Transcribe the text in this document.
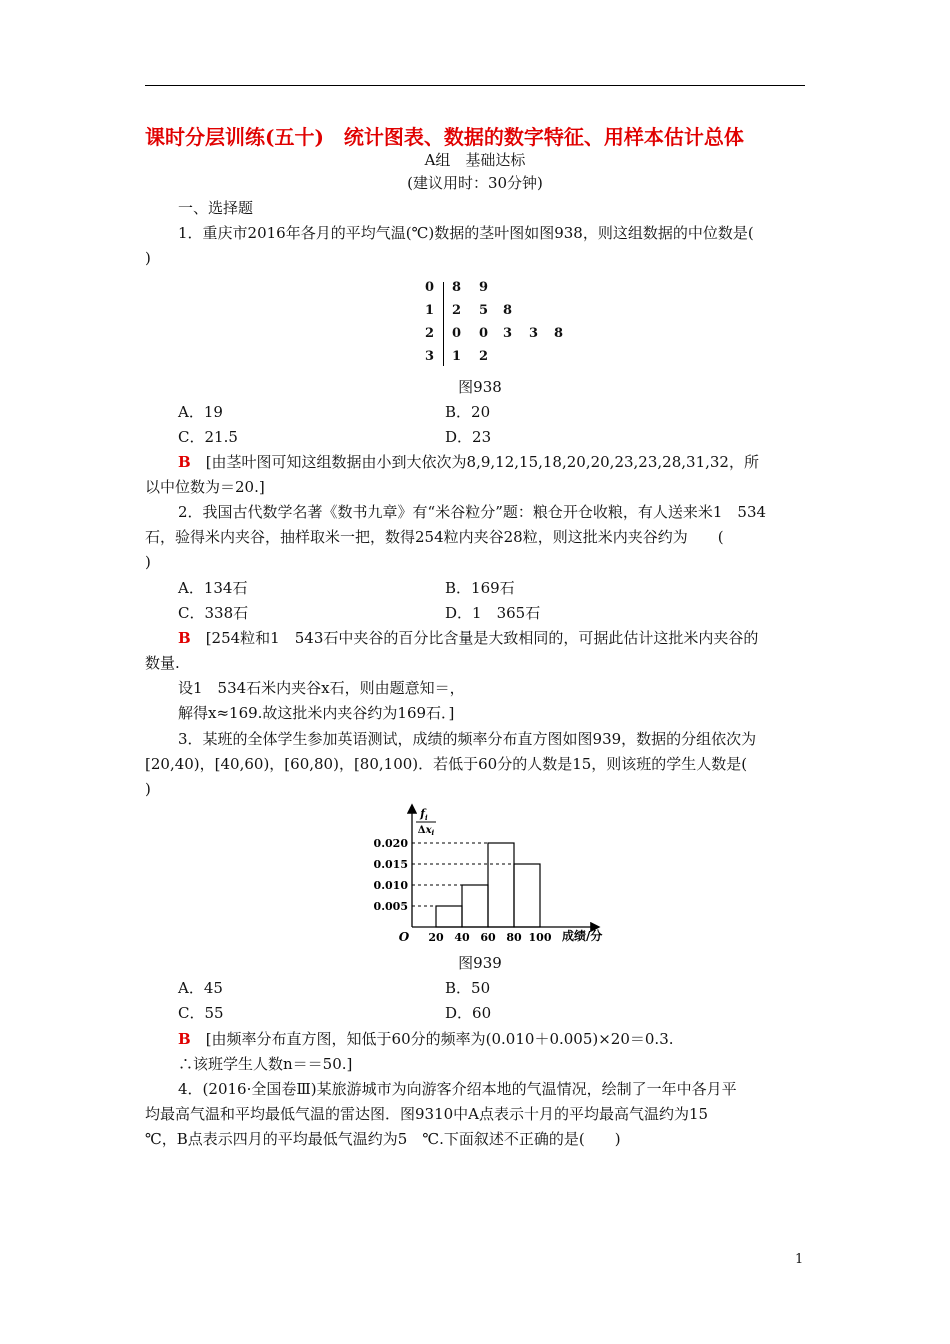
课时分层训练(五十)　统计图表、数据的数字特征、用样本估计总体
A组　基础达标
(建议用时：30分钟)
一、选择题
1．重庆市2016年各月的平均气温(℃)数据的茎叶图如图938，则这组数据的中位数是(
)
0 8 9
1 2 5 8
2 0 0 3 3 8
3 1 2
图938
A．19	B．20
C．21.5	D．23
B　 [由茎叶图可知这组数据由小到大依次为8,9,12,15,18,20,20,23,23,28,31,32，所
以中位数为＝20.]
2．我国古代数学名著《数书九章》有“米谷粒分”题：粮仓开仓收粮，有人送来米1　534
石，验得米内夹谷，抽样取米一把，数得254粒内夹谷28粒，则这批米内夹谷约为　　(
)
A．134石	B．169石
C．338石	D．1　365石
B　 [254粒和1　543石中夹谷的百分比含量是大致相同的，可据此估计这批米内夹谷的
数量.
设1　534石米内夹谷x石，则由题意知＝，
解得x≈169.故这批米内夹谷约为169石．]
3．某班的全体学生参加英语测试，成绩的频率分布直方图如图939，数据的分组依次为
[20,40)，[40,60)，[60,80)，[80,100)．若低于60分的人数是15，则该班的学生人数是(
)
0.005
0.010
0.015
0.020
20 40 60 80 100
O	成绩/分
$f_i$
$\Delta x_i$
图939
A．45	B．50
C．55	D．60
B　 [由频率分布直方图，知低于60分的频率为(0.010＋0.005)×20＝0.3.
∴该班学生人数n＝＝50.]
4．(2016·全国卷Ⅲ)某旅游城市为向游客介绍本地的气温情况，绘制了一年中各月平
均最高气温和平均最低气温的雷达图．图9310中A点表示十月的平均最高气温约为15
℃，B点表示四月的平均最低气温约为5　℃.下面叙述不正确的是(　　)
1
